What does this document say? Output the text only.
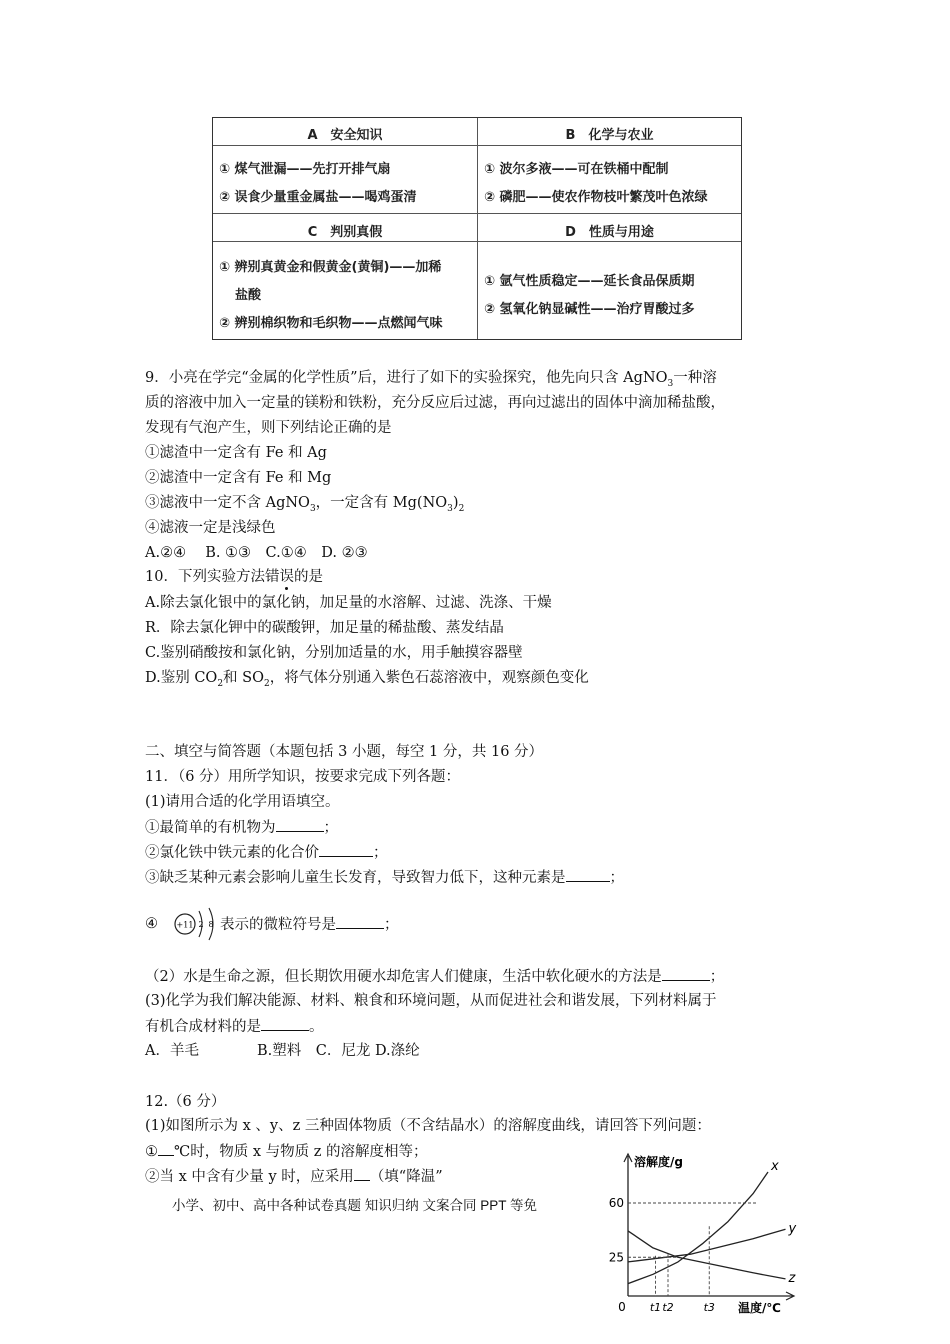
A　安全知识	B　化学与农业
① 煤气泄漏——先打开排气扇
② 误食少量重金属盐——喝鸡蛋清
① 波尔多液——可在铁桶中配制
② 磷肥——使农作物枝叶繁茂叶色浓绿
C　判别真假	D　性质与用途
① 辨别真黄金和假黄金(黄铜)——加稀
盐酸
② 辨别棉织物和毛织物——点燃闻气味
① 氩气性质稳定——延长食品保质期
② 氢氧化钠显碱性——治疗胃酸过多
9．小亮在学完“金属的化学性质”后，进行了如下的实验探究，他先向只含 AgNO$_3$一种溶
质的溶液中加入一定量的镁粉和铁粉，充分反应后过滤，再向过滤出的固体中滴加稀盐酸，
发现有气泡产生，则下列结论正确的是
①滤渣中一定含有 Fe 和 Ag
②滤渣中一定含有 Fe 和 Mg
③滤液中一定不含 AgNO$_3$，一定含有 $Mg(NO_3)_2$
④滤液一定是浅绿色
A.②④　 B. ①③　C.①④　D. ②③
10．下列实验方法错误的是
A.除去氯化银中的氯化钠，加足量的水溶解、过滤、洗涤、干燥
R．除去氯化钾中的碳酸钾，加足量的稀盐酸、蒸发结晶
C.鉴别硝酸按和氯化钠，分别加适量的水，用手触摸容器壁
D.鉴别 $CO_2$和 $SO_2$，将气体分别通入紫色石蕊溶液中，观察颜色变化
二、填空与简答题（本题包括 3 小题，每空 1 分，共 16 分）
11．（6 分）用所学知识，按要求完成下列各题：
(1)请用合适的化学用语填空。
①最简单的有机物为	；
②氯化铁中铁元素的化合价	；
③缺乏某种元素会影响儿童生长发育，导致智力低下，这种元素是	；
④ +11 2 8 表示的微粒符号是	；
（2）水是生命之源，但长期饮用硬水却危害人们健康，生活中软化硬水的方法是	；
(3)化学为我们解决能源、材料、粮食和环境问题，从而促进社会和谐发展，下列材料属于
有机合成材料的是	。
A．羊毛　　　　B.塑料　C．尼龙 D.涤纶
12.（6 分）
(1)如图所示为 x 、y、z 三种固体物质（不含结晶水）的溶解度曲线，请回答下列问题：
① ℃时，物质 x 与物质 z 的溶解度相等；
②当 x 中含有少量 y 时，应采用 （填“降温”
小学、初中、高中各种试卷真题 知识归纳 文案合同 PPT 等免
溶解度/g
温度/℃
x
y
z
60
25
0 t1 t2	t3
